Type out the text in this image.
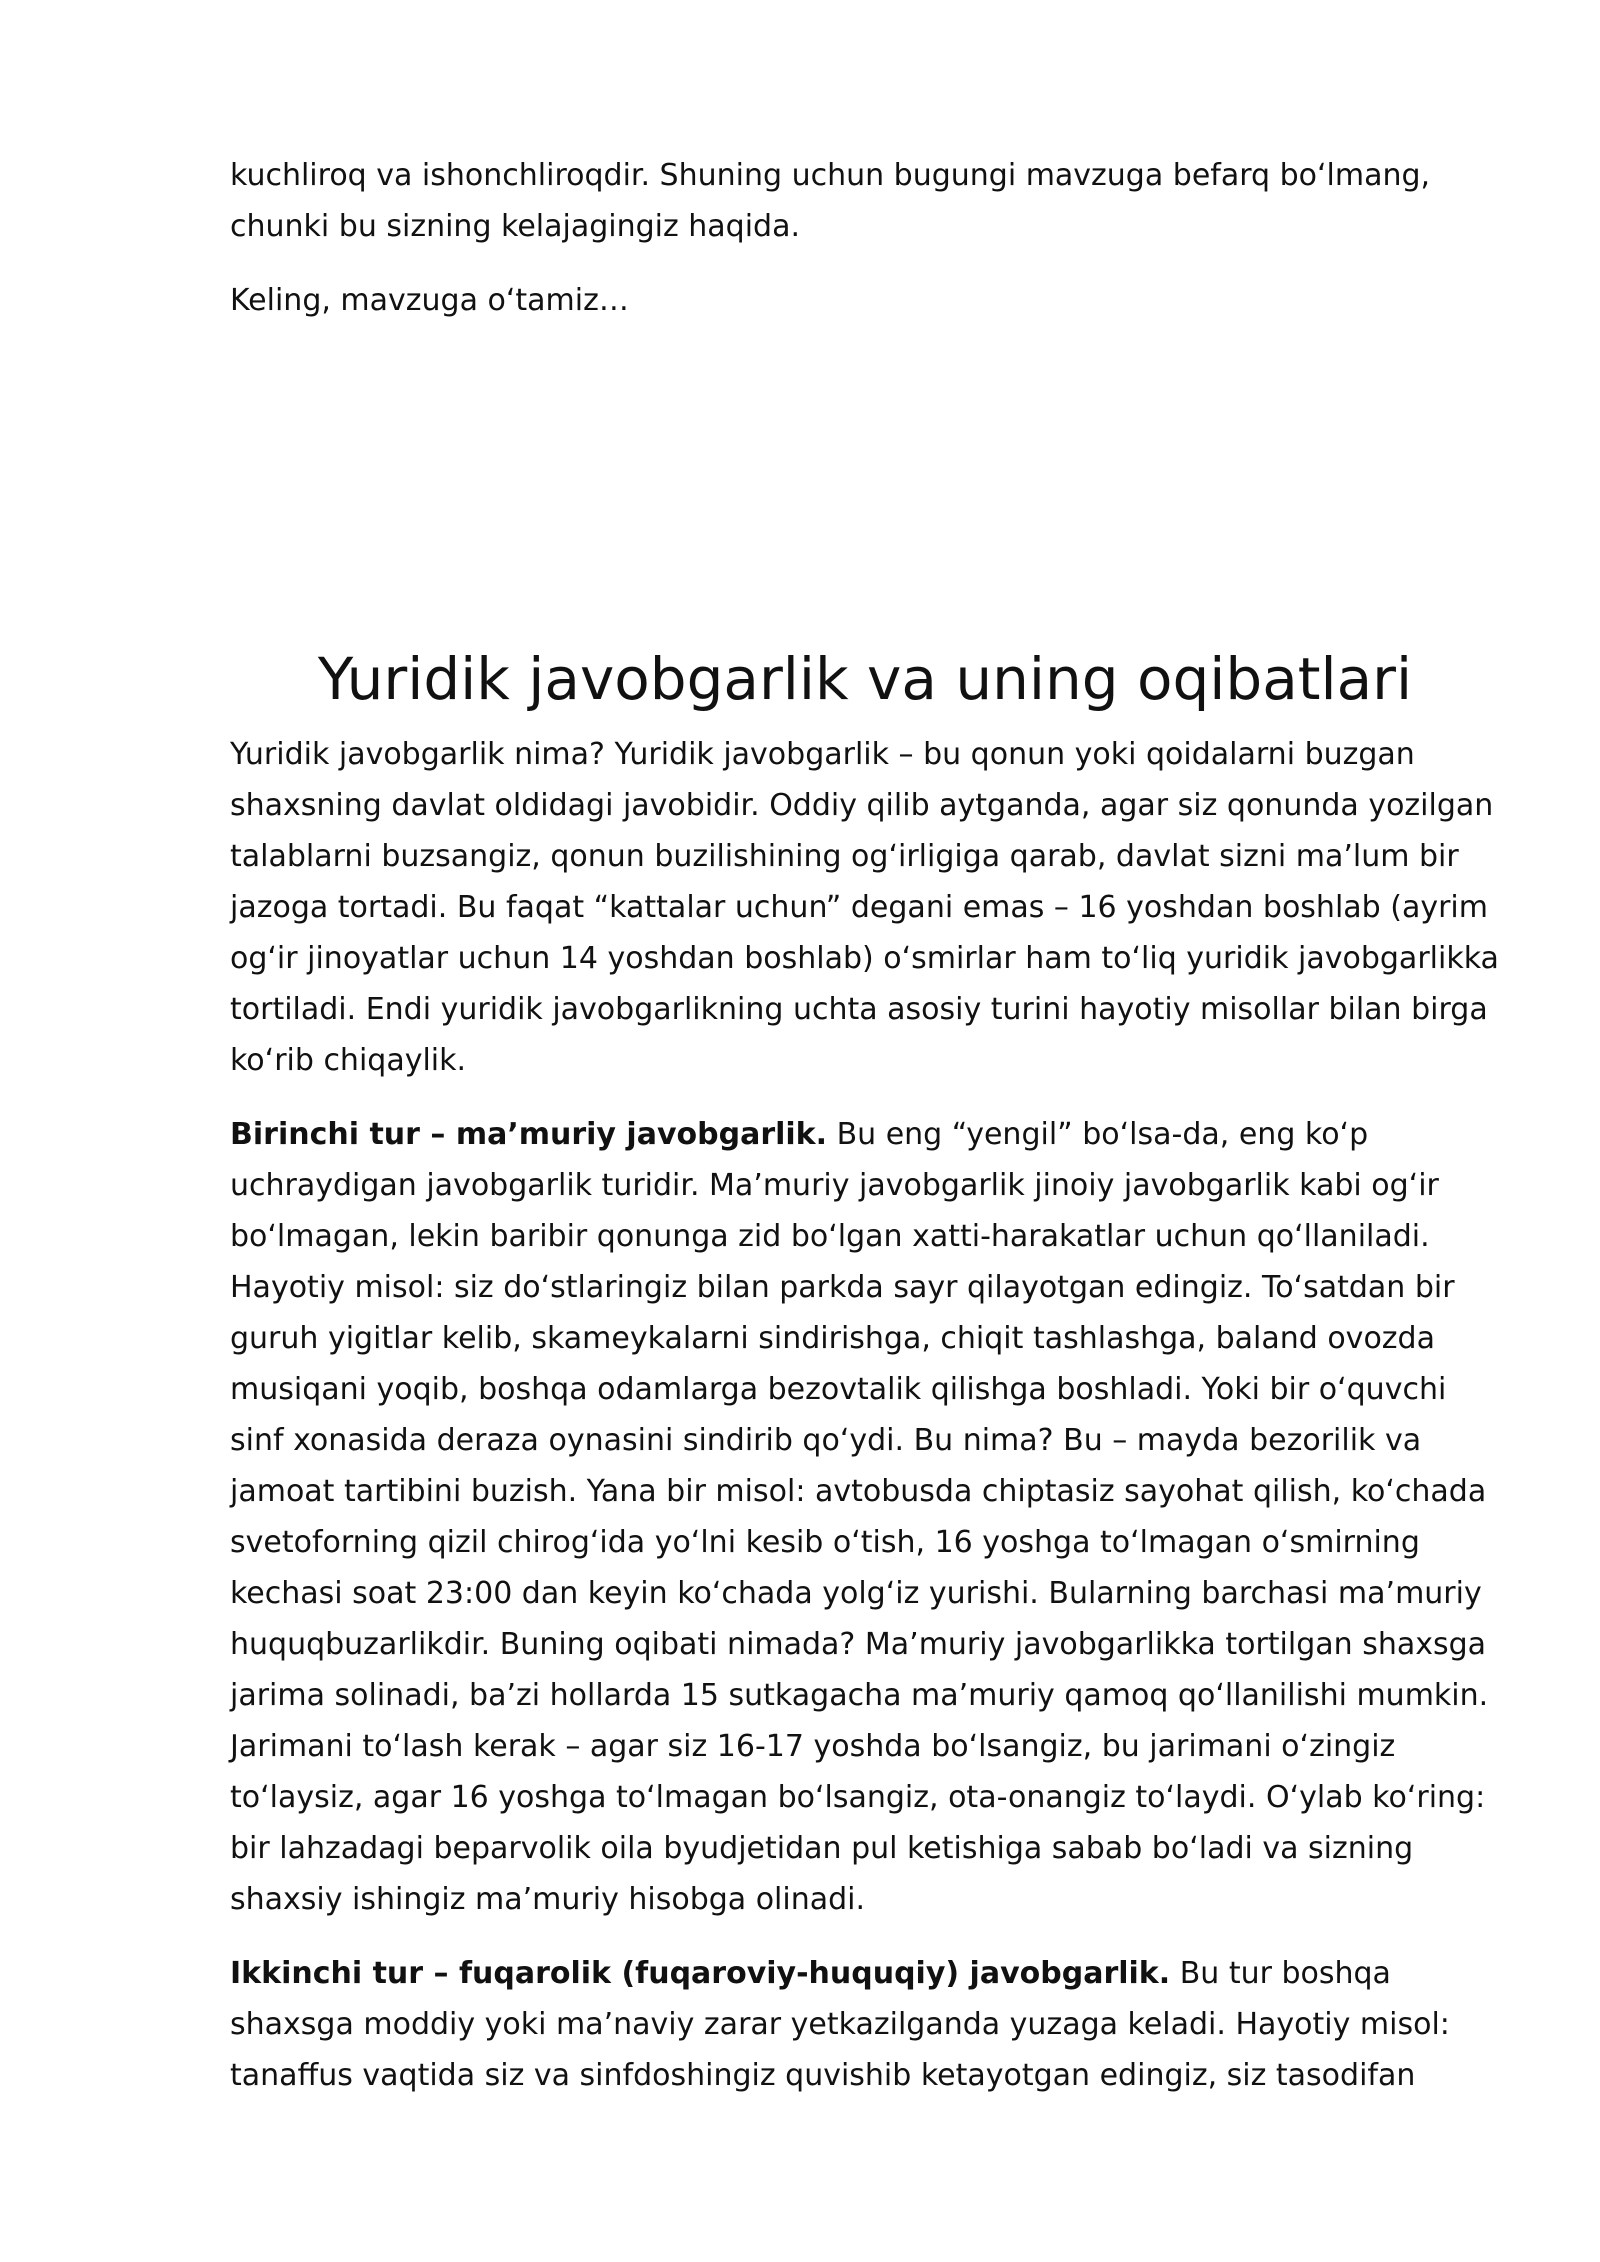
kuchliroq va ishonchliroqdir. Shuning uchun bugungi mavzuga befarq boʻlmang, chunki bu sizning kelajagingiz haqida.

Keling, mavzuga oʻtamiz…

Yuridik javobgarlik va uning oqibatlari

Yuridik javobgarlik nima? Yuridik javobgarlik – bu qonun yoki qoidalarni buzgan shaxsning davlat oldidagi javobidir. Oddiy qilib aytganda, agar siz qonunda yozilgan talablarni buzsangiz, qonun buzilishining ogʻirligiga qarab, davlat sizni maʼlum bir jazoga tortadi. Bu faqat “kattalar uchun” degani emas – 16 yoshdan boshlab (ayrim ogʻir jinoyatlar uchun 14 yoshdan boshlab) oʻsmirlar ham toʻliq yuridik javobgarlikka tortiladi. Endi yuridik javobgarlikning uchta asosiy turini hayotiy misollar bilan birga koʻrib chiqaylik.

Birinchi tur – maʼmuriy javobgarlik. Bu eng “yengil” boʻlsa-da, eng koʻp uchraydigan javobgarlik turidir. Maʼmuriy javobgarlik jinoiy javobgarlik kabi ogʻir boʻlmagan, lekin baribir qonunga zid boʻlgan xatti-harakatlar uchun qoʻllaniladi. Hayotiy misol: siz doʻstlaringiz bilan parkda sayr qilayotgan edingiz. Toʻsatdan bir guruh yigitlar kelib, skameykalarni sindirishga, chiqit tashlashga, baland ovozda musiqani yoqib, boshqa odamlarga bezovtalik qilishga boshladi. Yoki bir oʻquvchi sinf xonasida deraza oynasini sindirib qoʻydi. Bu nima? Bu – mayda bezorilik va jamoat tartibini buzish. Yana bir misol: avtobusda chiptasiz sayohat qilish, koʻchada svetoforning qizil chirogʻida yoʻlni kesib oʻtish, 16 yoshga toʻlmagan oʻsmirning kechasi soat 23:00 dan keyin koʻchada yolgʻiz yurishi. Bularning barchasi maʼmuriy huquqbuzarlikdir. Buning oqibati nimada? Maʼmuriy javobgarlikka tortilgan shaxsga jarima solinadi, baʼzi hollarda 15 sutkagacha maʼmuriy qamoq qoʻllanilishi mumkin. Jarimani toʻlash kerak – agar siz 16-17 yoshda boʻlsangiz, bu jarimani oʻzingiz toʻlaysiz, agar 16 yoshga toʻlmagan boʻlsangiz, ota-onangiz toʻlaydi. Oʻylab koʻring: bir lahzadagi beparvolik oila byudjetidan pul ketishiga sabab boʻladi va sizning shaxsiy ishingiz maʼmuriy hisobga olinadi.

Ikkinchi tur – fuqarolik (fuqaroviy-huquqiy) javobgarlik. Bu tur boshqa shaxsga moddiy yoki maʼnaviy zarar yetkazilganda yuzaga keladi. Hayotiy misol: tanaffus vaqtida siz va sinfdoshingiz quvishib ketayotgan edingiz, siz tasodifan
